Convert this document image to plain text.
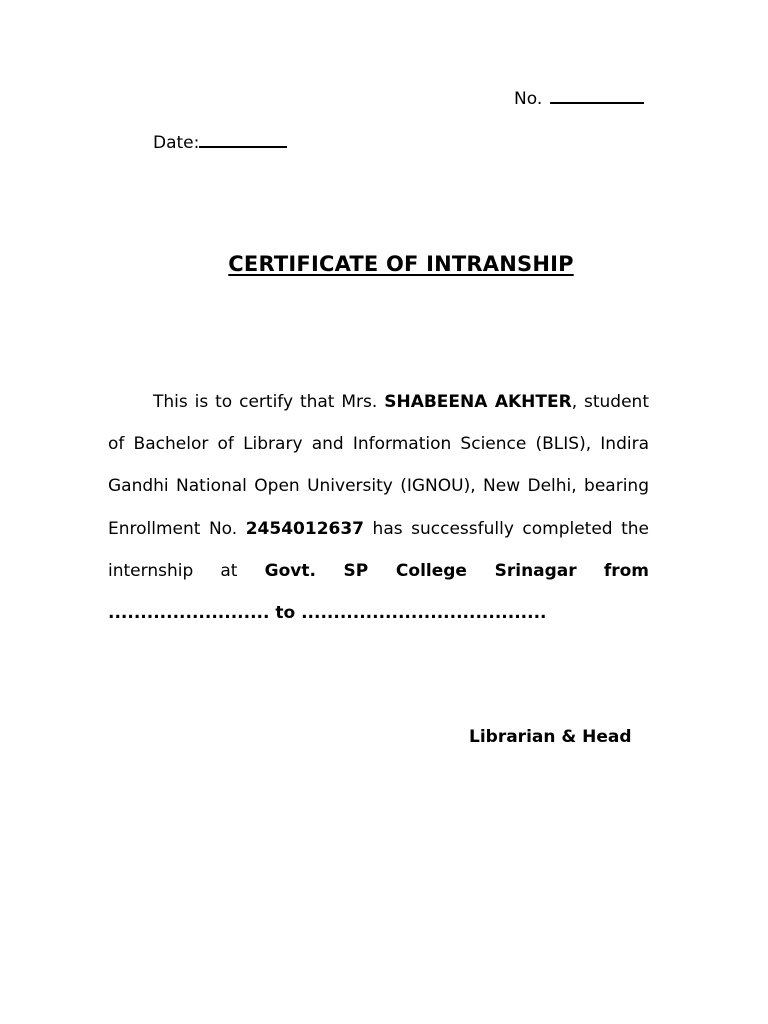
No.
Date:
CERTIFICATE OF INTRANSHIP
This is to certify that Mrs. SHABEENA AKHTER, student of Bachelor of Library and Information Science (BLIS), Indira Gandhi National Open University (IGNOU), New Delhi, bearing Enrollment No. 2454012637 has successfully completed the internship at Govt. SP College Srinagar from ......................... to ......................................
Librarian & Head
